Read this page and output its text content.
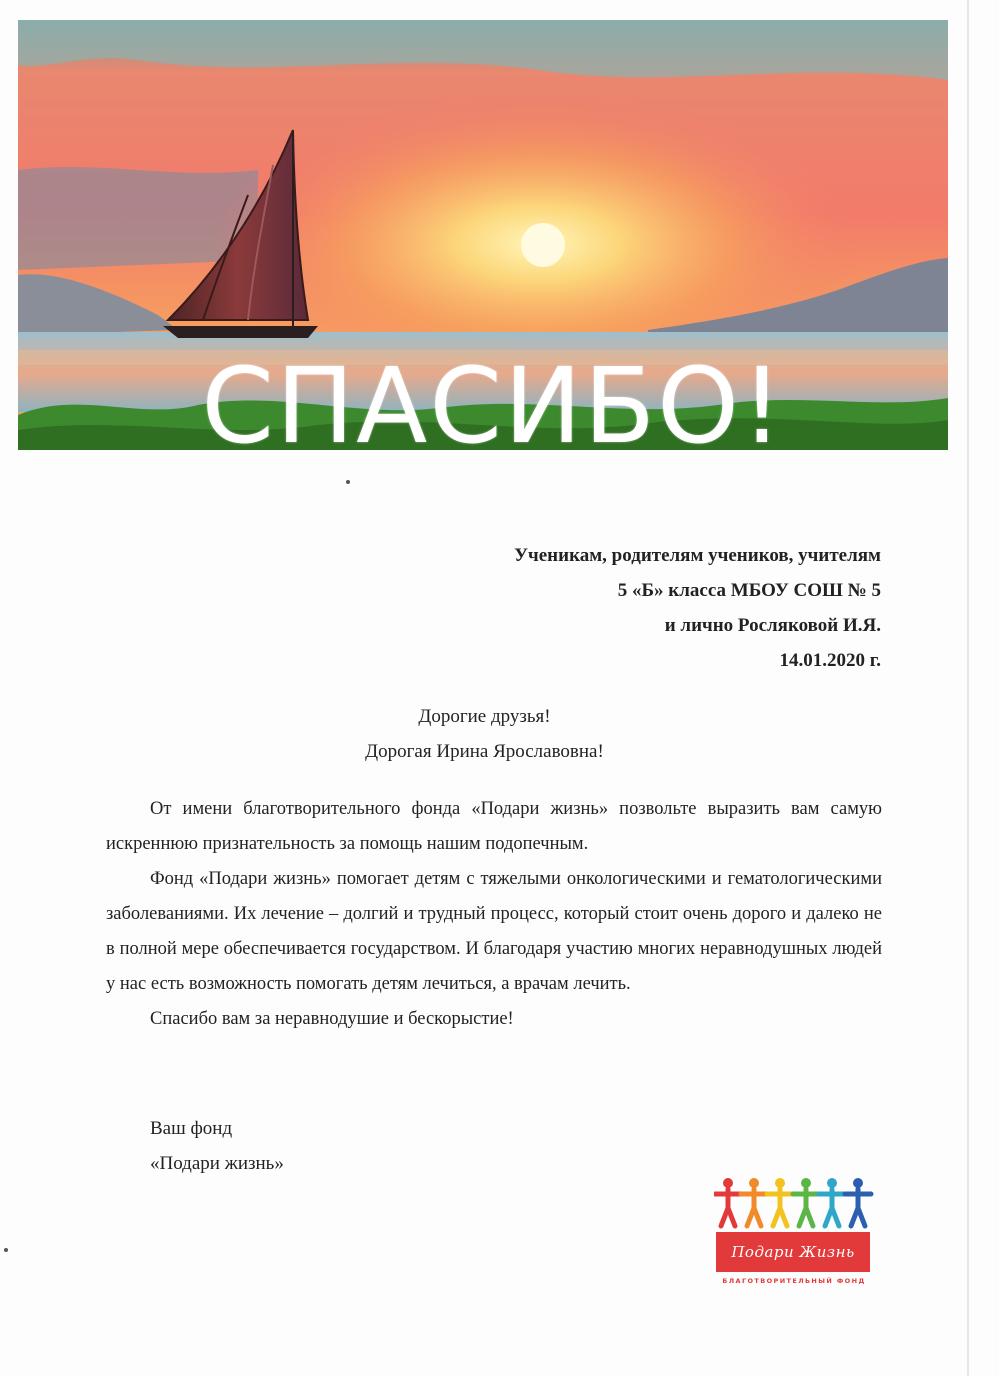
СПАСИБО!
Ученикам, родителям учеников, учителям
5 «Б» класса МБОУ СОШ № 5
и лично Росляковой И.Я.
14.01.2020 г.
Дорогие друзья!
Дорогая Ирина Ярославовна!

От имени благотворительного фонда «Подари жизнь» позвольте выразить вам самую искреннюю признательность за помощь нашим подопечным.

Фонд «Подари жизнь» помогает детям с тяжелыми онкологическими и гематологическими заболеваниями. Их лечение – долгий и трудный процесс, который стоит очень дорого и далеко не в полной мере обеспечивается государством. И благодаря участию многих неравнодушных людей у нас есть возможность помогать детям лечиться, а врачам лечить.

Спасибо вам за неравнодушие и бескорыстие!

Ваш фонд
«Подари жизнь»
Подари Жизнь
БЛАГОТВОРИТЕЛЬНЫЙ ФОНД
